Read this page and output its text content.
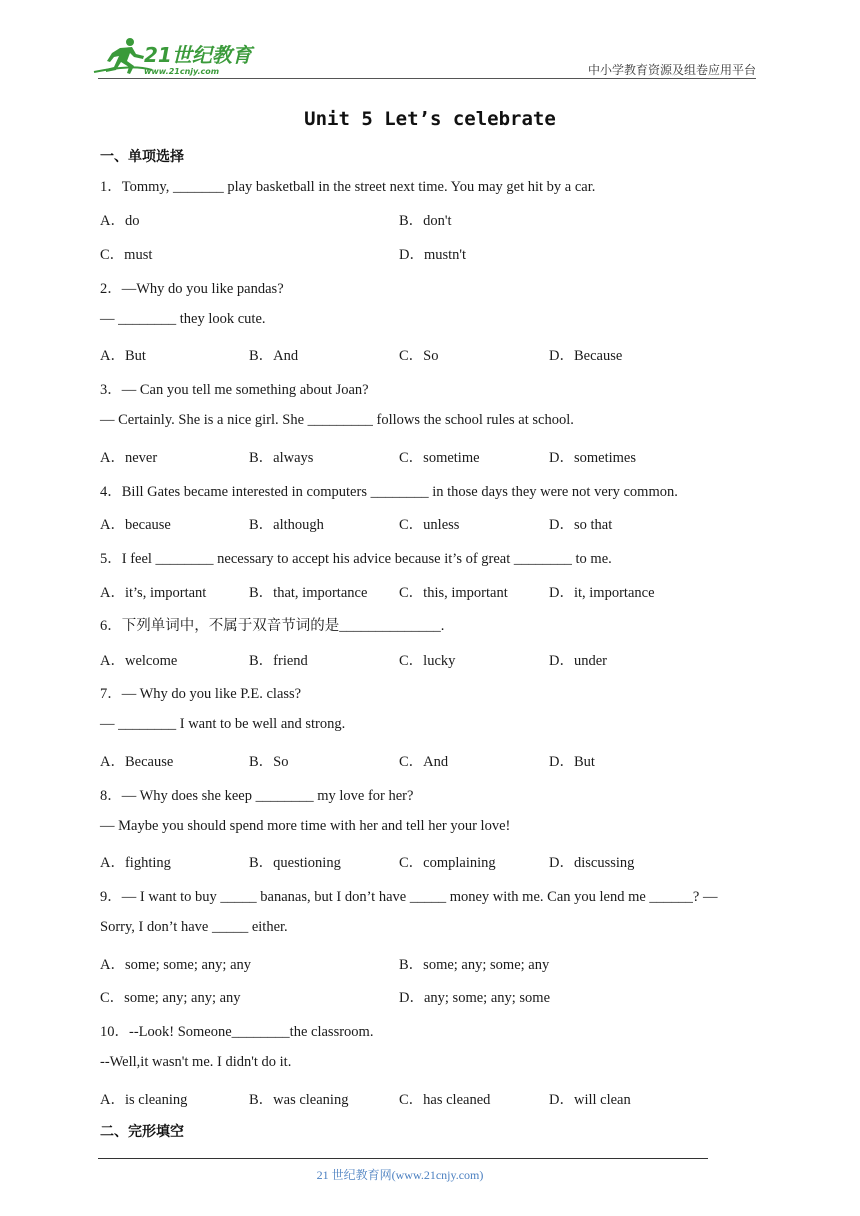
21世纪教育
www.21cnjy.com	中小学教育资源及组卷应用平台
Unit 5 Let’s celebrate
一、单项选择
1．Tommy, _______ play basketball in the street next time. You may get hit by a car.
A．do	B．don't
C．must	D．mustn't
2．—Why do you like pandas?
— ________ they look cute.
A．But	B．And	C．So	D．Because
3．— Can you tell me something about Joan?
— Certainly. She is a nice girl. She _________ follows the school rules at school.
A．never	B．always	C．sometime	D．sometimes
4．Bill Gates became interested in computers ________ in those days they were not very common.
A．because	B．although	C．unless	D．so that
5．I feel ________ necessary to accept his advice because it’s of great ________ to me.
A．it’s, important	B．that, importance C．this, important	D．it, importance
6．下列单词中，不属于双音节词的是______________.
A．welcome	B．friend	C．lucky	D．under
7．— Why do you like P.E. class?
— ________ I want to be well and strong.
A．Because	B．So	C．And	D．But
8．— Why does she keep ________ my love for her?
— Maybe you should spend more time with her and tell her your love!
A．fighting	B．questioning	C．complaining	D．discussing
9．— I want to buy _____ bananas, but I don’t have _____ money with me. Can you lend me ______? —
Sorry, I don’t have _____ either.
A．some; some; any; any	B．some; any; some; any
C．some; any; any; any	D．any; some; any; some
10．--Look! Someone________the classroom.
--Well,it wasn't me. I didn't do it.
A．is cleaning	B．was cleaning	C．has cleaned	D．will clean
二、完形填空
21 世纪教育网(www.21cnjy.com)
